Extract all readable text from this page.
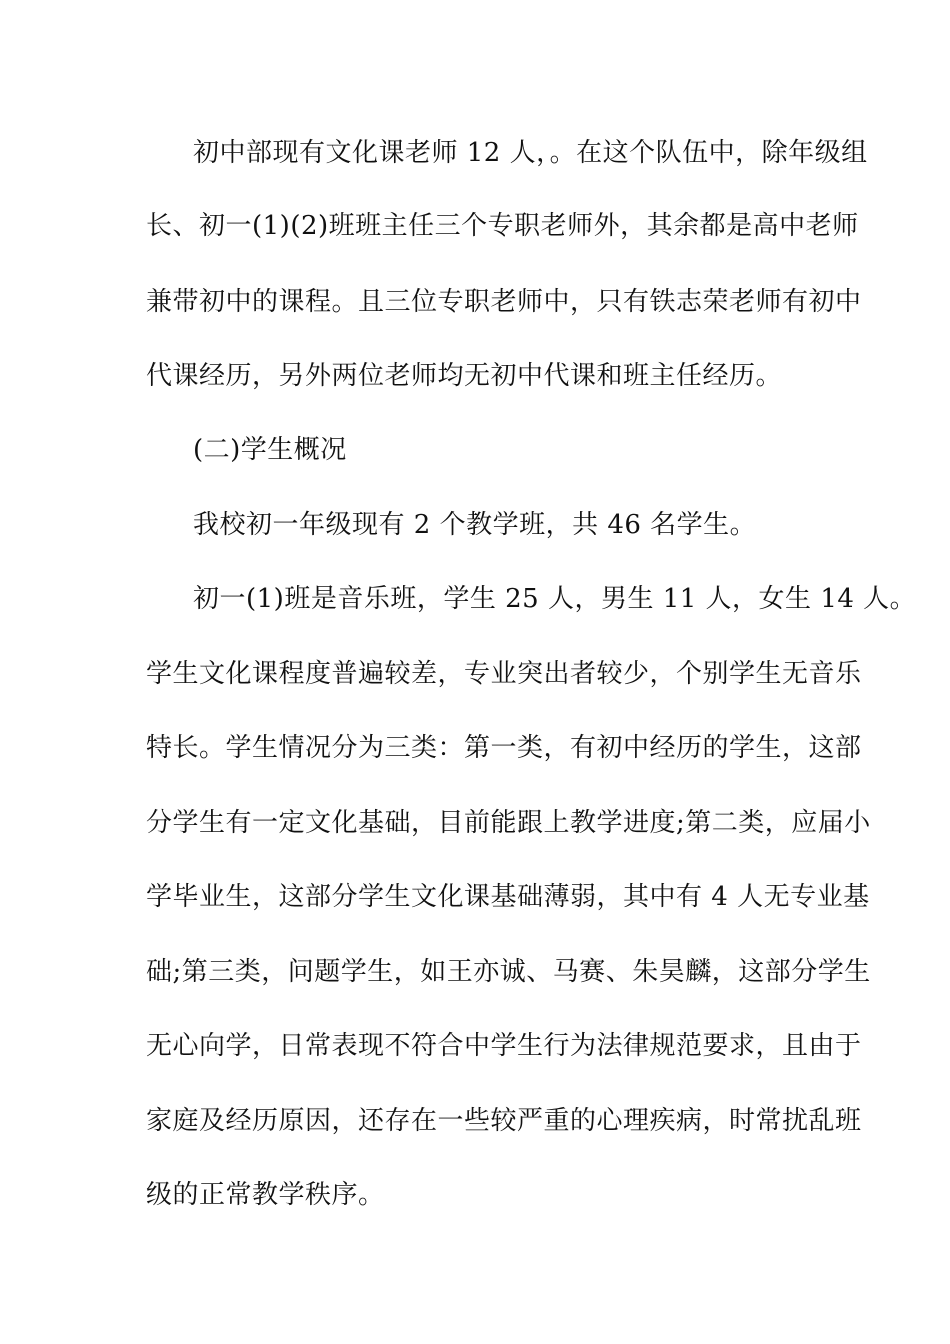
初中部现有文化课老师 12 人，。在这个队伍中，除年级组
长、初一(1)(2)班班主任三个专职老师外，其余都是高中老师
兼带初中的课程。且三位专职老师中，只有铁志荣老师有初中
代课经历，另外两位老师均无初中代课和班主任经历。
(二)学生概况
我校初一年级现有 2 个教学班，共 46 名学生。
初一(1)班是音乐班，学生 25 人，男生 11 人，女生 14 人。
学生文化课程度普遍较差，专业突出者较少，个别学生无音乐
特长。学生情况分为三类：第一类，有初中经历的学生，这部
分学生有一定文化基础，目前能跟上教学进度;第二类，应届小
学毕业生，这部分学生文化课基础薄弱，其中有 4 人无专业基
础;第三类，问题学生，如王亦诚、马赛、朱昊麟，这部分学生
无心向学，日常表现不符合中学生行为法律规范要求，且由于
家庭及经历原因，还存在一些较严重的心理疾病，时常扰乱班
级的正常教学秩序。
